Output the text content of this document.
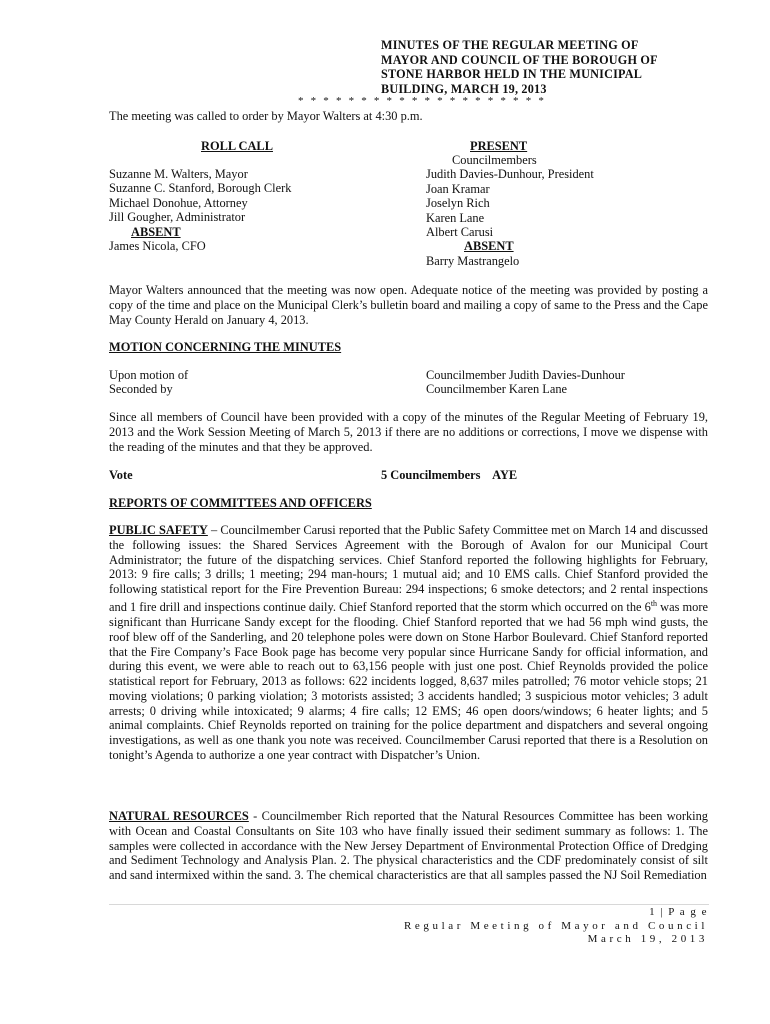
MINUTES OF THE REGULAR MEETING OF
MAYOR AND COUNCIL OF THE BOROUGH OF
STONE HARBOR HELD IN THE MUNICIPAL
BUILDING, MARCH 19, 2013
* * * * * * * * * * * * * * * * * * * *
The meeting was called to order by Mayor Walters at 4:30 p.m.
ROLL CALL	PRESENT
Suzanne M. Walters, Mayor
Suzanne C. Stanford, Borough Clerk
Michael Donohue, Attorney
Jill Gougher, Administrator
ABSENT
James Nicola, CFO
Councilmembers
Judith Davies-Dunhour, President
Joan Kramar
Joselyn Rich
Karen Lane
Albert Carusi
ABSENT
Barry Mastrangelo
Mayor Walters announced that the meeting was now open. Adequate notice of the meeting was provided by posting a copy of the time and place on the Municipal Clerk’s bulletin board and mailing a copy of same to the Press and the Cape May County Herald on January 4, 2013.
MOTION CONCERNING THE MINUTES
Upon motion of	Councilmember Judith Davies-Dunhour
Seconded by	Councilmember Karen Lane
Since all members of Council have been provided with a copy of the minutes of the Regular Meeting of February 19, 2013 and the Work Session Meeting of March 5, 2013 if there are no additions or corrections, I move we dispense with the reading of the minutes and that they be approved.
Vote	5 Councilmembers    AYE
REPORTS OF COMMITTEES AND OFFICERS
PUBLIC SAFETY – Councilmember Carusi reported that the Public Safety Committee met on March 14 and discussed the following issues: the Shared Services Agreement with the Borough of Avalon for our Municipal Court Administrator; the future of the dispatching services. Chief Stanford reported the following highlights for February, 2013: 9 fire calls; 3 drills; 1 meeting; 294 man-hours; 1 mutual aid; and 10 EMS calls. Chief Stanford provided the following statistical report for the Fire Prevention Bureau: 294 inspections; 6 smoke detectors; and 2 rental inspections and 1 fire drill and inspections continue daily. Chief Stanford reported that the storm which occurred on the 6th was more significant than Hurricane Sandy except for the flooding. Chief Stanford reported that we had 56 mph wind gusts, the roof blew off of the Sanderling, and 20 telephone poles were down on Stone Harbor Boulevard. Chief Stanford reported that the Fire Company’s Face Book page has become very popular since Hurricane Sandy for official information, and during this event, we were able to reach out to 63,156 people with just one post. Chief Reynolds provided the police statistical report for February, 2013 as follows: 622 incidents logged, 8,637 miles patrolled; 76 motor vehicle stops; 21 moving violations; 0 parking violation; 3 motorists assisted; 3 accidents handled; 3 suspicious motor vehicles; 3 adult arrests; 0 driving while intoxicated; 9 alarms; 4 fire calls; 12 EMS; 46 open doors/windows; 6 heater lights; and 5 animal complaints. Chief Reynolds reported on training for the police department and dispatchers and several ongoing investigations, as well as one thank you note was received. Councilmember Carusi reported that there is a Resolution on tonight’s Agenda to authorize a one year contract with Dispatcher’s Union.
NATURAL RESOURCES - Councilmember Rich reported that the Natural Resources Committee has been working with Ocean and Coastal Consultants on Site 103 who have finally issued their sediment summary as follows: 1. The samples were collected in accordance with the New Jersey Department of Environmental Protection Office of Dredging and Sediment Technology and Analysis Plan. 2. The physical characteristics and the CDF predominately consist of silt and sand intermixed within the sand. 3. The chemical characteristics are that all samples passed the NJ Soil Remediation
1 | P a g e
Regular Meeting of Mayor and Council
March 19, 2013
